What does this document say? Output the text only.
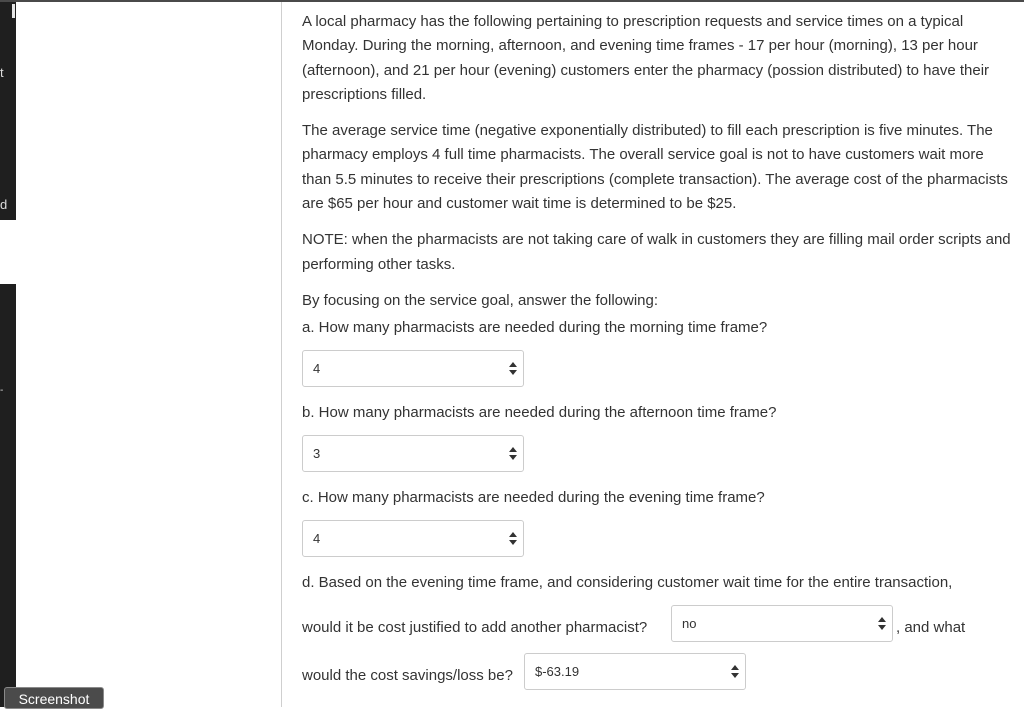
t
d
-
Screenshot

A local pharmacy has the following pertaining to prescription requests and service times on a typical Monday. During the morning, afternoon, and evening time frames - 17 per hour (morning), 13 per hour (afternoon), and 21 per hour (evening) customers enter the pharmacy (possion distributed) to have their prescriptions filled.

The average service time (negative exponentially distributed) to fill each prescription is five minutes. The pharmacy employs 4 full time pharmacists. The overall service goal is not to have customers wait more than 5.5 minutes to receive their prescriptions (complete transaction). The average cost of the pharmacists are $65 per hour and customer wait time is determined to be $25.

NOTE: when the pharmacists are not taking care of walk in customers they are filling mail order scripts and performing other tasks.

By focusing on the service goal, answer the following:

a. How many pharmacists are needed during the morning time frame?

4

b. How many pharmacists are needed during the afternoon time frame?

3

c. How many pharmacists are needed during the evening time frame?

4
d. Based on the evening time frame, and considering customer wait time for the entire transaction,
would it be cost justified to add another pharmacist?	no	, and what
would the cost savings/loss be?	$-63.19
